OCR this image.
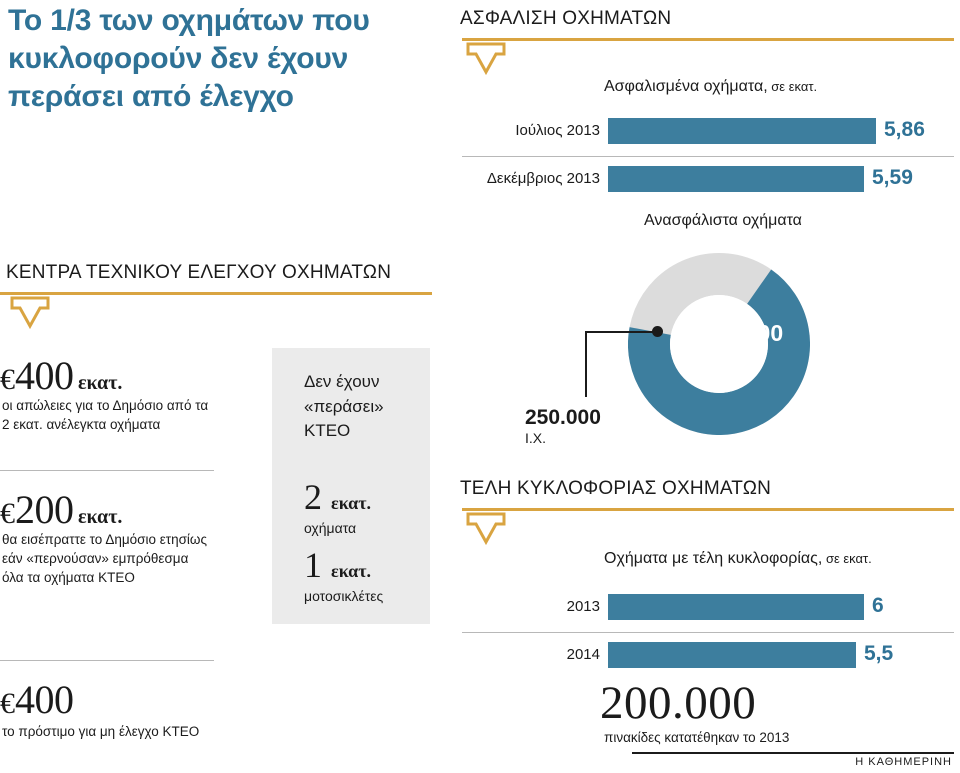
Το 1/3 των οχημάτων που κυκλοφορούν δεν έχουν περάσει από έλεγχο
ΑΣΦΑΛΙΣΗ ΟΧΗΜΑΤΩΝ
Ασφαλισμένα οχήματα, σε εκατ.
Ιούλιος 2013	5,86
Δεκέμβριος 2013	5,59
Ανασφάλιστα οχήματα
800.000
250.000
Ι.Χ.
ΚΕΝΤΡΑ ΤΕΧΝΙΚΟΥ ΕΛΕΓΧΟΥ ΟΧΗΜΑΤΩΝ
€400 εκατ.
οι απώλειες για το Δημόσιο από τα 2 εκατ. ανέλεγκτα οχήματα
€200 εκατ.
θα εισέπραττε το Δημόσιο ετησίως εάν «περνούσαν» εμπρόθεσμα όλα τα οχήματα ΚΤΕΟ
€400
το πρόστιμο για μη έλεγχο ΚΤΕΟ
Δεν έχουν «περάσει» ΚΤΕΟ
2 εκατ.
οχήματα
1 εκατ.
μοτοσικλέτες
ΤΕΛΗ ΚΥΚΛΟΦΟΡΙΑΣ ΟΧΗΜΑΤΩΝ
Οχήματα με τέλη κυκλοφορίας, σε εκατ.
2013	6
2014	5,5
200.000
πινακίδες κατατέθηκαν το 2013
Η ΚΑΘΗΜΕΡΙΝΗ
